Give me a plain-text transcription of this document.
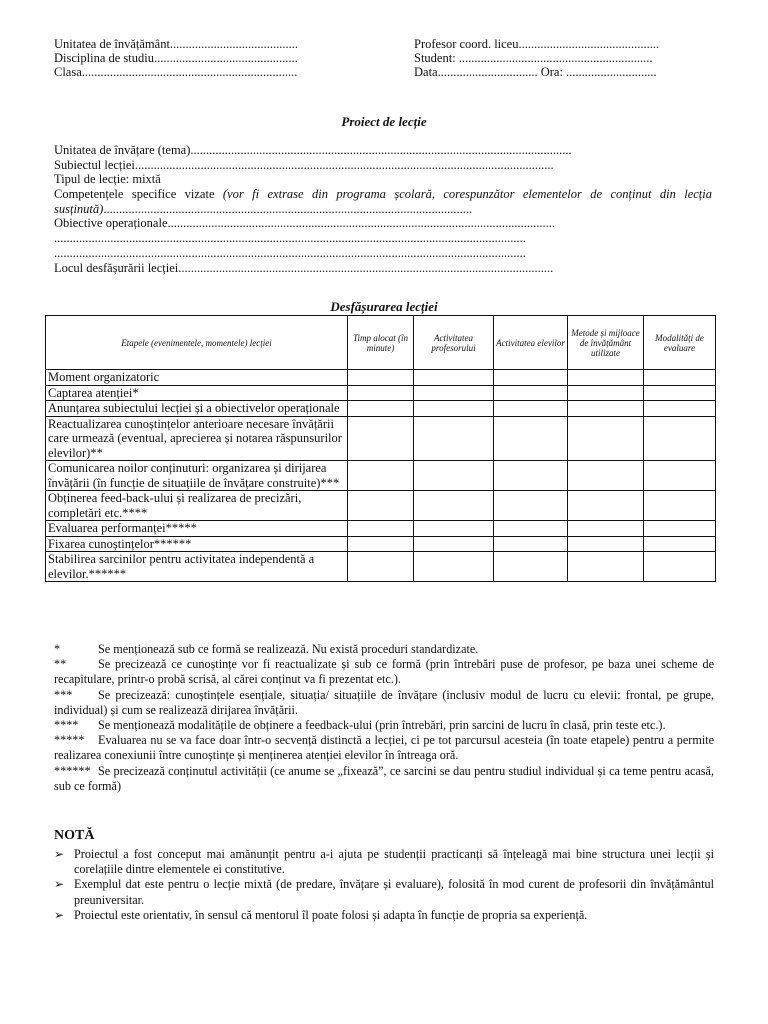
Unitatea de învățământ.........................................
Disciplina de studiu..............................................
Clasa.....................................................................
Profesor coord. liceu.............................................
Student: ..............................................................
Data................................ Ora: .............................
Proiect de lecție
Unitatea de învățare (tema)..........................................................................................................................
Subiectul lecției......................................................................................................................................
Tipul de lecție: mixtă
Competențele specifice vizate (vor fi extrase din programa școlară, corespunzător elementelor de conținut din lecția susținută)......................................................................................................................
Obiective operaționale............................................................................................................................
.......................................................................................................................................................
.......................................................................................................................................................
Locul desfășurării lecției........................................................................................................................
Desfășurarea lecției
Etapele (evenimentele, momentele) lecției	Timp alocat (în minute)	Activitatea profesorului	Activitatea elevilor	Metode și mijloace de învățământ utilizate	Modalități de evaluare
Moment organizatoric					
Captarea atenției*					
Anunțarea subiectului lecției și a obiectivelor operaționale					
Reactualizarea cunoștințelor anterioare necesare învățării care urmează (eventual, aprecierea și notarea răspunsurilor elevilor)**					
Comunicarea noilor conținuturi: organizarea și dirijarea învățării (în funcție de situațiile de învățare construite)***					
Obținerea feed-back-ului și realizarea de precizări, completări etc.****					
Evaluarea performanței*****					
Fixarea cunoștințelor******					
Stabilirea sarcinilor pentru activitatea independentă a elevilor.******					
*	Se menționează sub ce formă se realizează. Nu există proceduri standardizate.
**	Se precizează ce cunoștințe vor fi reactualizate și sub ce formă (prin întrebări puse de profesor, pe baza unei scheme de recapitulare, printr-o probă scrisă, al cărei conținut va fi prezentat etc.).
*** Se precizează: cunoștințele esențiale, situația/ situațiile de învățare (inclusiv modul de lucru cu elevii: frontal, pe grupe, individual) și cum se realizează dirijarea învățării.
**** Se menționează modalitățile de obținere a feedback-ului (prin întrebări, prin sarcini de lucru în clasă, prin teste etc.).
***** Evaluarea nu se va face doar într-o secvență distinctă a lecției, ci pe tot parcursul acesteia (în toate etapele) pentru a permite realizarea conexiunii între cunoștințe și menținerea atenției elevilor în întreaga oră.
****** Se precizează conținutul activității (ce anume se „fixează”, ce sarcini se dau pentru studiul individual și ca teme pentru acasă, sub ce formă)
NOTĂ
➢ Proiectul a fost conceput mai amănunțit pentru a-i ajuta pe studenții practicanți să înțeleagă mai bine structura unei lecții și corelațiile dintre elementele ei constitutive.
➢ Exemplul dat este pentru o lecție mixtă (de predare, învățare și evaluare), folosită în mod curent de profesorii din învățământul preuniversitar.
➢ Proiectul este orientativ, în sensul că mentorul îl poate folosi și adapta în funcție de propria sa experiență.
